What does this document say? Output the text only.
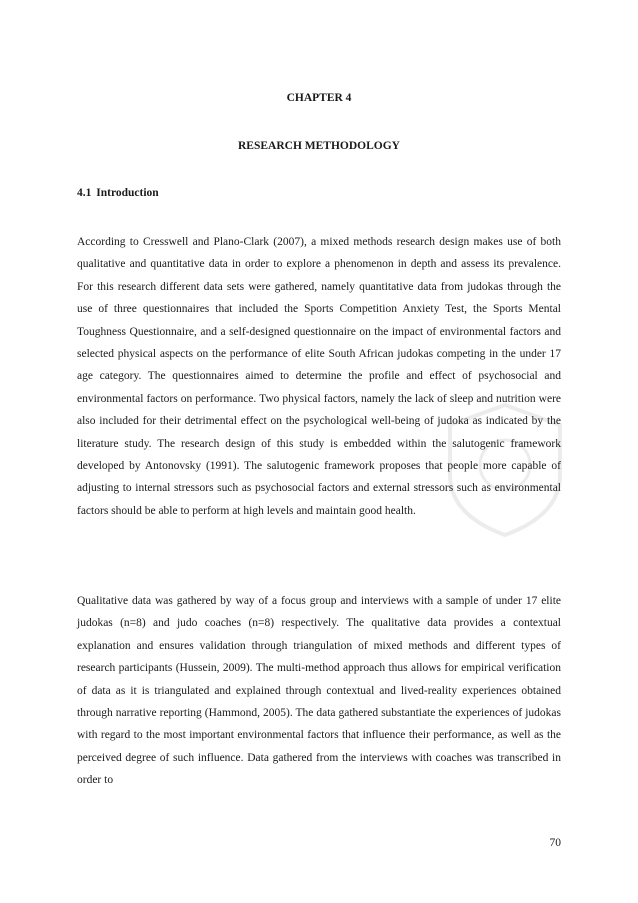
CHAPTER 4
RESEARCH METHODOLOGY
4.1 Introduction

According to Cresswell and Plano-Clark (2007), a mixed methods research design makes use of both qualitative and quantitative data in order to explore a phenomenon in depth and assess its prevalence. For this research different data sets were gathered, namely quantitative data from judokas through the use of three questionnaires that included the Sports Competition Anxiety Test, the Sports Mental Toughness Questionnaire, and a self-designed questionnaire on the impact of environmental factors and selected physical aspects on the performance of elite South African judokas competing in the under 17 age category. The questionnaires aimed to determine the profile and effect of psychosocial and environmental factors on performance. Two physical factors, namely the lack of sleep and nutrition were also included for their detrimental effect on the psychological well-being of judoka as indicated by the literature study. The research design of this study is embedded within the salutogenic framework developed by Antonovsky (1991). The salutogenic framework proposes that people more capable of adjusting to internal stressors such as psychosocial factors and external stressors such as environmental factors should be able to perform at high levels and maintain good health.

Qualitative data was gathered by way of a focus group and interviews with a sample of under 17 elite judokas (n=8) and judo coaches (n=8) respectively. The qualitative data provides a contextual explanation and ensures validation through triangulation of mixed methods and different types of research participants (Hussein, 2009). The multi-method approach thus allows for empirical verification of data as it is triangulated and explained through contextual and lived-reality experiences obtained through narrative reporting (Hammond, 2005). The data gathered substantiate the experiences of judokas with regard to the most important environmental factors that influence their performance, as well as the perceived degree of such influence. Data gathered from the interviews with coaches was transcribed in order to

70
